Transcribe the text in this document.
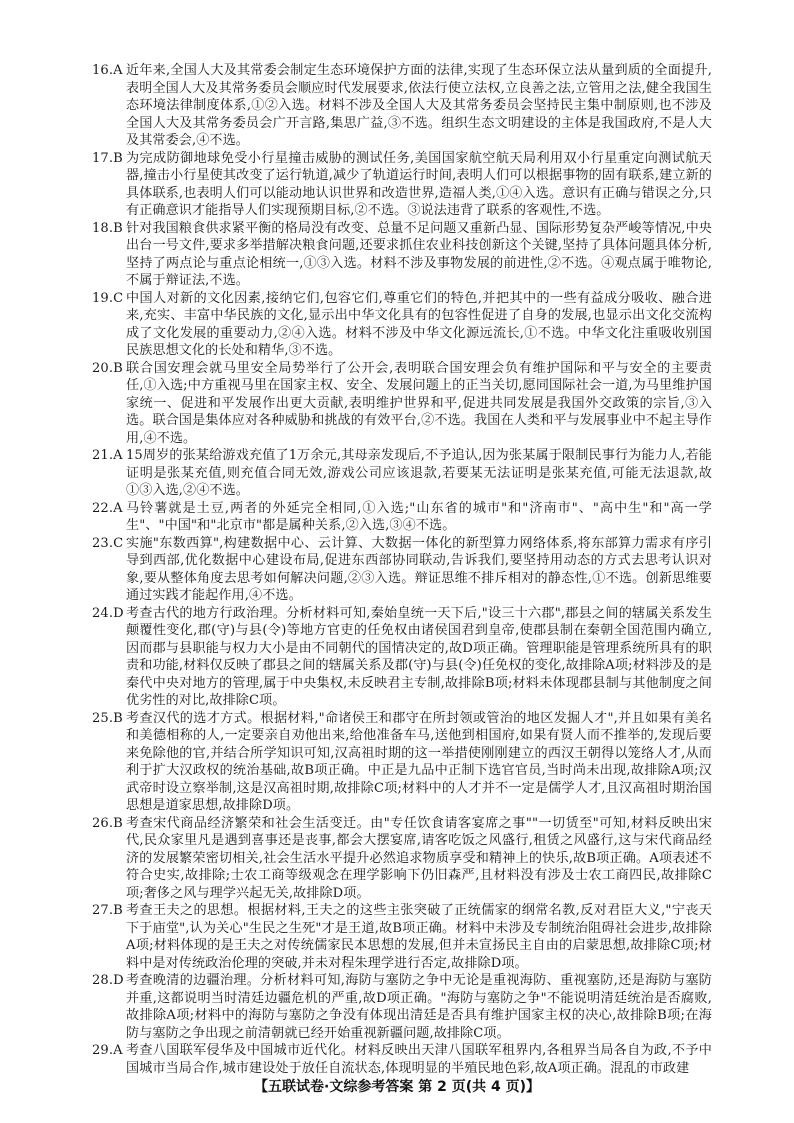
16.A 近年来,全国人大及其常委会制定生态环境保护方面的法律,实现了生态环保立法从量到质的全面提升,表明全国人大及其常务委员会顺应时代发展要求,依法行使立法权,立良善之法,立管用之法,健全我国生态环境法律制度体系,①②入选。材料不涉及全国人大及其常务委员会坚持民主集中制原则,也不涉及全国人大及其常务委员会广开言路,集思广益,③不选。组织生态文明建设的主体是我国政府,不是人大及其常委会,④不选。

17.B 为完成防御地球免受小行星撞击威胁的测试任务,美国国家航空航天局利用双小行星重定向测试航天器,撞击小行星使其改变了运行轨道,减少了轨道运行时间,表明人们可以根据事物的固有联系,建立新的具体联系,也表明人们可以能动地认识世界和改造世界,造福人类,①④入选。意识有正确与错误之分,只有正确意识才能指导人们实现预期目标,②不选。③说法违背了联系的客观性,不选。

18.B 针对我国粮食供求紧平衡的格局没有改变、总量不足问题又重新凸显、国际形势复杂严峻等情况,中央出台一号文件,要求多举措解决粮食问题,还要求抓住农业科技创新这个关键,坚持了具体问题具体分析,坚持了两点论与重点论相统一,①③入选。材料不涉及事物发展的前进性,②不选。④观点属于唯物论,不属于辩证法,不选。

19.C 中国人对新的文化因素,接纳它们,包容它们,尊重它们的特色,并把其中的一些有益成分吸收、融合进来,充实、丰富中华民族的文化,显示出中华文化具有的包容性促进了自身的发展,也显示出文化交流构成了文化发展的重要动力,②④入选。材料不涉及中华文化源远流长,①不选。中华文化注重吸收别国民族思想文化的长处和精华,③不选。

20.B 联合国安理会就马里安全局势举行了公开会,表明联合国安理会负有维护国际和平与安全的主要责任,①入选;中方重视马里在国家主权、安全、发展问题上的正当关切,愿同国际社会一道,为马里维护国家统一、促进和平发展作出更大贡献,表明维护世界和平,促进共同发展是我国外交政策的宗旨,③入选。联合国是集体应对各种威胁和挑战的有效平台,②不选。我国在人类和平与发展事业中不起主导作用,④不选。

21.A 15周岁的张某给游戏充值了1万余元,其母亲发现后,不予追认,因为张某属于限制民事行为能力人,若能证明是张某充值,则充值合同无效,游戏公司应该退款,若要某无法证明是张某充值,可能无法退款,故①③入选,②④不选。

22.A 马铃薯就是土豆,两者的外延完全相同,①入选;"山东省的城市"和"济南市"、"高中生"和"高一学生"、"中国"和"北京市"都是属种关系,②入选,③④不选。

23.C 实施"东数西算",构建数据中心、云计算、大数据一体化的新型算力网络体系,将东部算力需求有序引导到西部,优化数据中心建设布局,促进东西部协同联动,告诉我们,要坚持用动态的方式去思考认识对象,要从整体角度去思考如何解决问题,②③入选。辩证思维不排斥相对的静态性,①不选。创新思维要通过实践才能起作用,④不选。

24.D 考查古代的地方行政治理。分析材料可知,秦始皇统一天下后,"设三十六郡",郡县之间的辖属关系发生颠覆性变化,郡(守)与县(令)等地方官吏的任免权由诸侯国君到皇帝,使郡县制在秦朝全国范围内确立,因而郡与县职能与权力大小是由不同朝代的国情决定的,故D项正确。管理职能是管理系统所具有的职责和功能,材料仅反映了郡县之间的辖属关系及郡(守)与县(令)任免权的变化,故排除A项;材料涉及的是秦代中央对地方的管理,属于中央集权,未反映君主专制,故排除B项;材料未体现郡县制与其他制度之间优劣性的对比,故排除C项。

25.B 考查汉代的选才方式。根据材料,"命诸侯王和郡守在所封领或管治的地区发掘人才",并且如果有美名和美德相称的人,一定要亲自劝他出来,给他准备车马,送他到相国府,如果有贤人而不推举的,发现后要来免除他的官,并结合所学知识可知,汉高祖时期的这一举措使刚刚建立的西汉王朝得以笼络人才,从而利于扩大汉政权的统治基础,故B项正确。中正是九品中正制下选官官员,当时尚未出现,故排除A项;汉武帝时设立察举制,这是汉高祖时期,故排除C项;材料中的人才并不一定是儒学人才,且汉高祖时期治国思想是道家思想,故排除D项。

26.B 考查宋代商品经济繁荣和社会生活变迁。由"专任饮食请客宴席之事""一切赁至"可知,材料反映出宋代,民众家里凡是遇到喜事还是丧事,都会大摆宴席,请客吃饭之风盛行,租赁之风盛行,这与宋代商品经济的发展繁荣密切相关,社会生活水平提升必然追求物质享受和精神上的快乐,故B项正确。A项表述不符合史实,故排除;士农工商等级观念在理学影响下仍旧森严,且材料没有涉及士农工商四民,故排除C项;奢侈之风与理学兴起无关,故排除D项。

27.B 考查王夫之的思想。根据材料,王夫之的这些主张突破了正统儒家的纲常名教,反对君臣大义,"宁丧天下于庙堂",认为关心"生民之生死"才是王道,故B项正确。材料中未涉及专制统治阻碍社会进步,故排除A项;材料体现的是王夫之对传统儒家民本思想的发展,但并未宣扬民主自由的启蒙思想,故排除C项;材料中是对传统政治伦理的突破,并未对程朱理学进行否定,故排除D项。

28.D 考查晚清的边疆治理。分析材料可知,海防与塞防之争中无论是重视海防、重视塞防,还是海防与塞防并重,这都说明当时清廷边疆危机的严重,故D项正确。"海防与塞防之争"不能说明清廷统治是否腐败,故排除A项;材料中的海防与塞防之争没有体现出清廷是否具有维护国家主权的决心,故排除B项;在海防与塞防之争出现之前清朝就已经开始重视新疆问题,故排除C项。

29.A 考查八国联军侵华及中国城市近代化。材料反映出天津八国联军租界内,各租界当局各自为政,不予中国城市当局合作,城市建设处于放任自流状态,体现明显的半殖民地色彩,故A项正确。混乱的市政建

【五联试卷·文综参考答案 第 2 页(共 4 页)】
